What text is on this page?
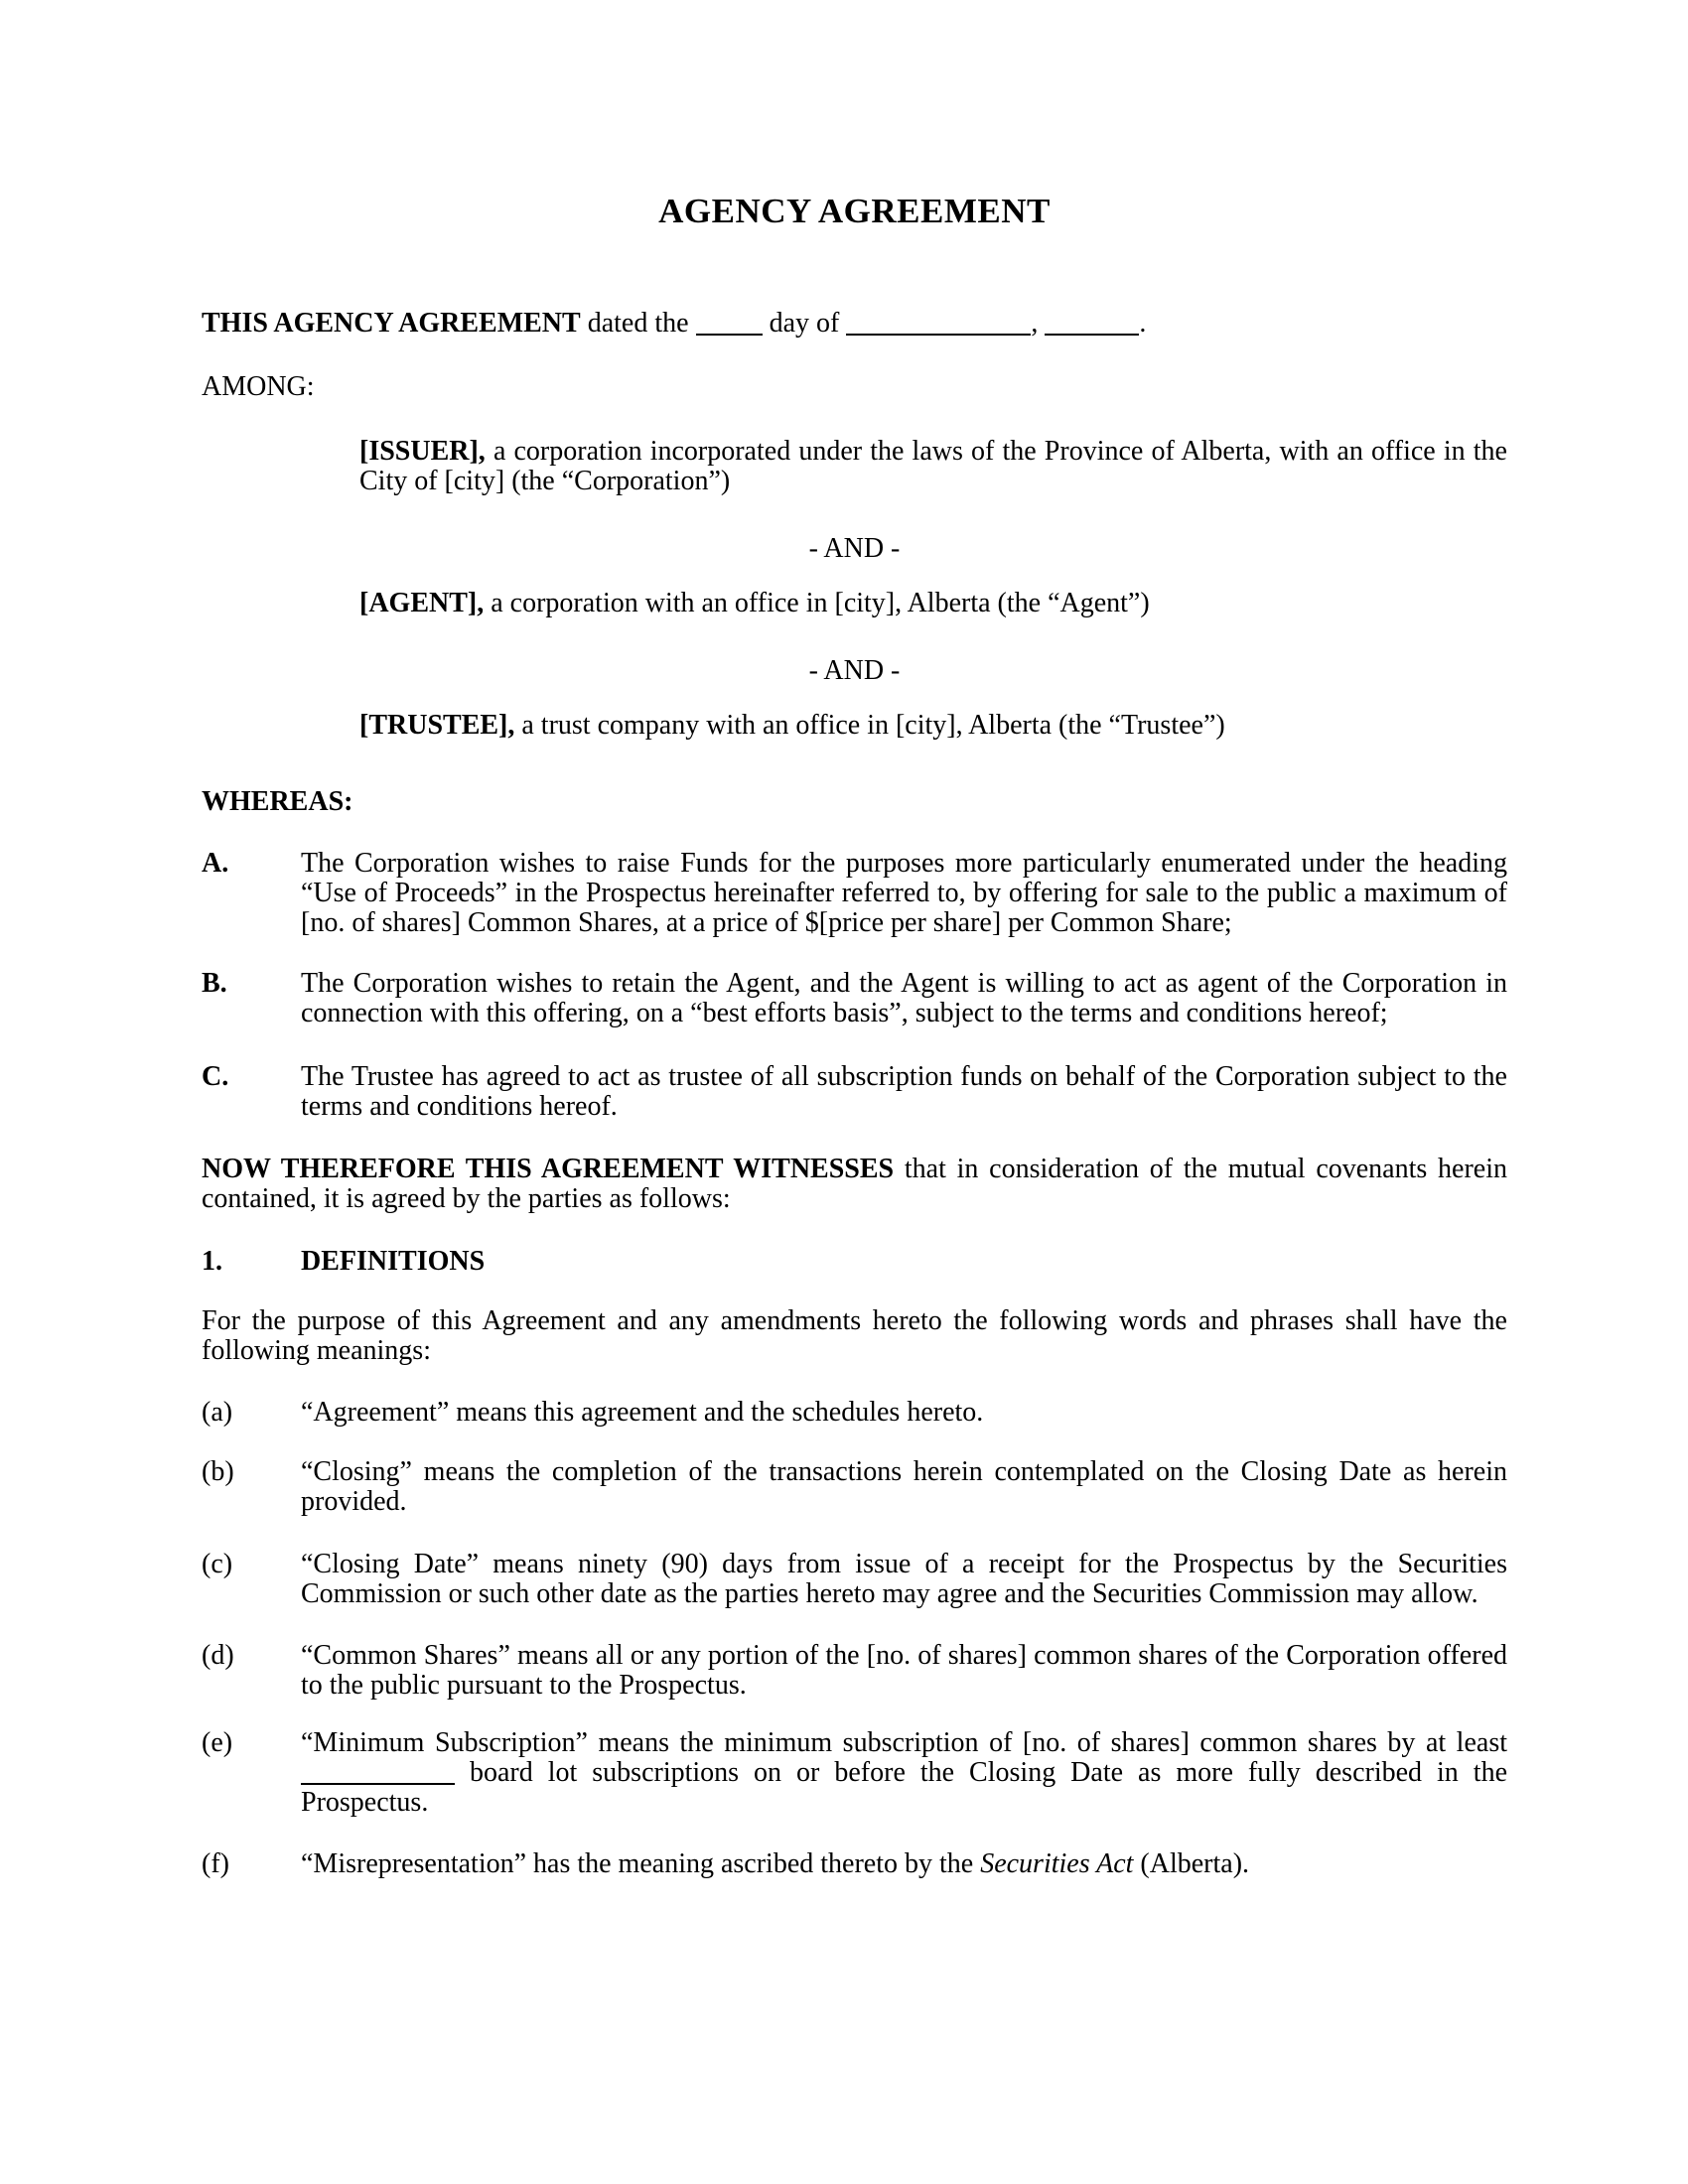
AGENCY AGREEMENT

THIS AGENCY AGREEMENT dated the  day of	,	.

AMONG:

[ISSUER], a corporation incorporated under the laws of the Province of Alberta, with an office in the City of [city] (the “Corporation”)

- AND -

[AGENT], a corporation with an office in [city], Alberta (the “Agent”)

- AND -

[TRUSTEE], a trust company with an office in [city], Alberta (the “Trustee”)

WHEREAS:

A.	The Corporation wishes to raise Funds for the purposes more particularly enumerated under the heading “Use of Proceeds” in the Prospectus hereinafter referred to, by offering for sale to the public a maximum of [no. of shares] Common Shares, at a price of $[price per share] per Common Share;
B.	The Corporation wishes to retain the Agent, and the Agent is willing to act as agent of the Corporation in connection with this offering, on a “best efforts basis”, subject to the terms and conditions hereof;
C.	The Trustee has agreed to act as trustee of all subscription funds on behalf of the Corporation subject to the terms and conditions hereof.

NOW THEREFORE THIS AGREEMENT WITNESSES that in consideration of the mutual covenants herein contained, it is agreed by the parties as follows:

1.	DEFINITIONS

For the purpose of this Agreement and any amendments hereto the following words and phrases shall have the following meanings:

(a)	“Agreement” means this agreement and the schedules hereto.
(b)	“Closing” means the completion of the transactions herein contemplated on the Closing Date as herein provided.
(c)	“Closing Date” means ninety (90) days from issue of a receipt for the Prospectus by the Securities Commission or such other date as the parties hereto may agree and the Securities Commission may allow.
(d)	“Common Shares” means all or any portion of the [no. of shares] common shares of the Corporation offered to the public pursuant to the Prospectus.
(e)	“Minimum Subscription” means the minimum subscription of [no. of shares] common shares by at least  board lot subscriptions on or before the Closing Date as more fully described in the Prospectus.
(f)	“Misrepresentation” has the meaning ascribed thereto by the Securities Act (Alberta).
